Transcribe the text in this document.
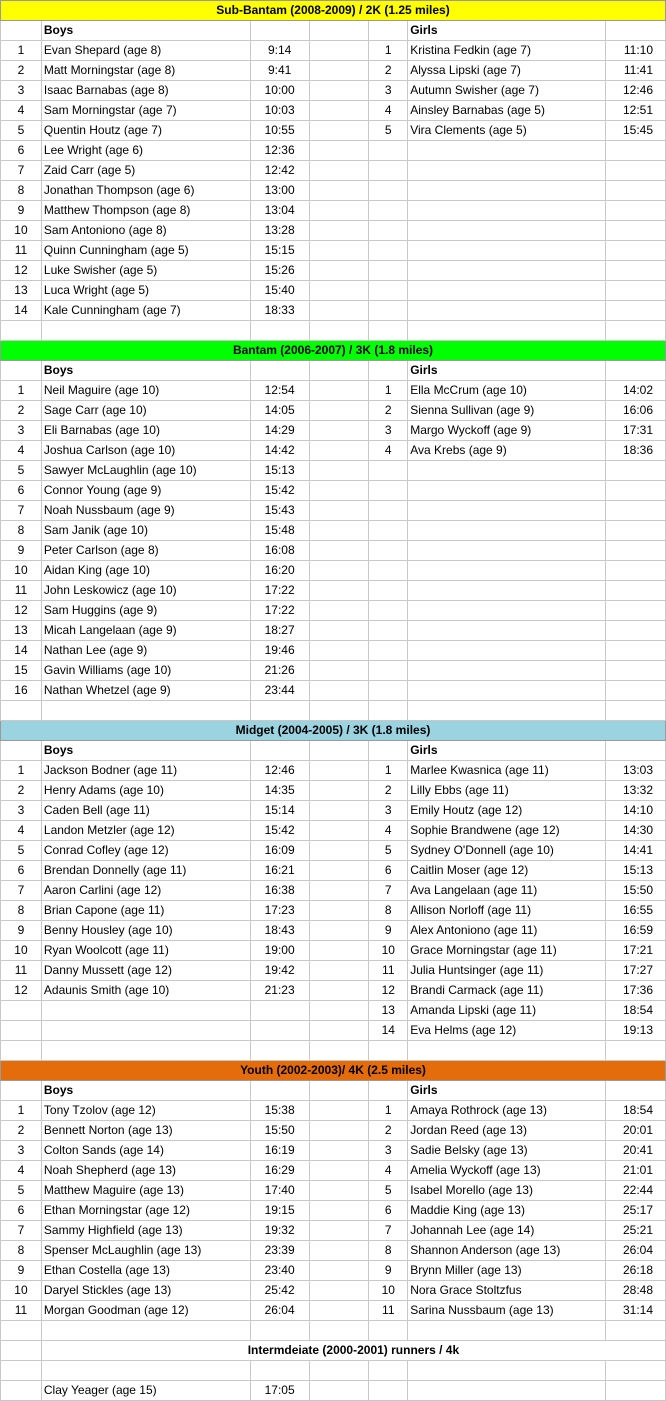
Sub-Bantam (2008-2009) / 2K (1.25 miles)						
	Boys				Girls	
1	Evan Shepard (age 8)	9:14		1	Kristina Fedkin (age 7)	11:10
2	Matt Morningstar (age 8)	9:41		2	Alyssa Lipski (age 7)	11:41
3	Isaac Barnabas (age 8)	10:00		3	Autumn Swisher (age 7)	12:46
4	Sam Morningstar (age 7)	10:03		4	Ainsley Barnabas (age 5)	12:51
5	Quentin Houtz (age 7)	10:55		5	Vira Clements (age 5)	15:45
6	Lee Wright (age 6)	12:36				
7	Zaid Carr (age 5)	12:42				
8	Jonathan Thompson (age 6)	13:00				
9	Matthew Thompson (age 8)	13:04				
10	Sam Antoniono (age 8)	13:28				
11	Quinn Cunningham (age 5)	15:15				
12	Luke Swisher (age 5)	15:26				
13	Luca Wright (age 5)	15:40				
14	Kale Cunningham (age 7)	18:33				

Bantam (2006-2007) / 3K (1.8 miles)						
	Boys				Girls	
1	Neil Maguire (age 10)	12:54		1	Ella McCrum (age 10)	14:02
2	Sage Carr (age 10)	14:05		2	Sienna Sullivan (age 9)	16:06
3	Eli Barnabas (age 10)	14:29		3	Margo Wyckoff (age 9)	17:31
4	Joshua Carlson (age 10)	14:42		4	Ava Krebs (age 9)	18:36
5	Sawyer McLaughlin (age 10)	15:13				
6	Connor Young (age 9)	15:42				
7	Noah Nussbaum (age 9)	15:43				
8	Sam Janik (age 10)	15:48				
9	Peter Carlson (age 8)	16:08				
10	Aidan King (age 10)	16:20				
11	John Leskowicz (age 10)	17:22				
12	Sam Huggins (age 9)	17:22				
13	Micah Langelaan (age 9)	18:27				
14	Nathan Lee (age 9)	19:46				
15	Gavin Williams (age 10)	21:26				
16	Nathan Whetzel (age 9)	23:44				

Midget (2004-2005) / 3K (1.8 miles)						
	Boys				Girls	
1	Jackson Bodner (age 11)	12:46		1	Marlee Kwasnica (age 11)	13:03
2	Henry Adams (age 10)	14:35		2	Lilly Ebbs (age 11)	13:32
3	Caden Bell (age 11)	15:14		3	Emily Houtz (age 12)	14:10
4	Landon Metzler (age 12)	15:42		4	Sophie Brandwene (age 12)	14:30
5	Conrad Cofley (age 12)	16:09		5	Sydney O'Donnell (age 10)	14:41
6	Brendan Donnelly (age 11)	16:21		6	Caitlin Moser (age 12)	15:13
7	Aaron Carlini (age 12)	16:38		7	Ava Langelaan (age 11)	15:50
8	Brian Capone (age 11)	17:23		8	Allison Norloff (age 11)	16:55
9	Benny Housley (age 10)	18:43		9	Alex Antoniono (age 11)	16:59
10	Ryan Woolcott (age 11)	19:00		10	Grace Morningstar (age 11)	17:21
11	Danny Mussett (age 12)	19:42		11	Julia Huntsinger (age 11)	17:27
12	Adaunis Smith (age 10)	21:23		12	Brandi Carmack (age 11)	17:36
				13	Amanda Lipski (age 11)	18:54
				14	Eva Helms (age 12)	19:13

Youth (2002-2003)/ 4K (2.5 miles)						
	Boys				Girls	
1	Tony Tzolov (age 12)	15:38		1	Amaya Rothrock (age 13)	18:54
2	Bennett Norton (age 13)	15:50		2	Jordan Reed (age 13)	20:01
3	Colton Sands (age 14)	16:19		3	Sadie Belsky (age 13)	20:41
4	Noah Shepherd (age 13)	16:29		4	Amelia Wyckoff (age 13)	21:01
5	Matthew Maguire (age 13)	17:40		5	Isabel Morello (age 13)	22:44
6	Ethan Morningstar (age 12)	19:15		6	Maddie King (age 13)	25:17
7	Sammy Highfield (age 13)	19:32		7	Johannah Lee (age 14)	25:21
8	Spenser McLaughlin (age 13)	23:39		8	Shannon Anderson (age 13)	26:04
9	Ethan Costella (age 13)	23:40		9	Brynn Miller (age 13)	26:18
10	Daryel Stickles (age 13)	25:42		10	Nora Grace Stoltzfus	28:48
11	Morgan Goodman (age 12)	26:04		11	Sarina Nussbaum (age 13)	31:14

	Intermdeiate (2000-2001) runners / 4k					

	Clay Yeager (age 15)	17:05				
